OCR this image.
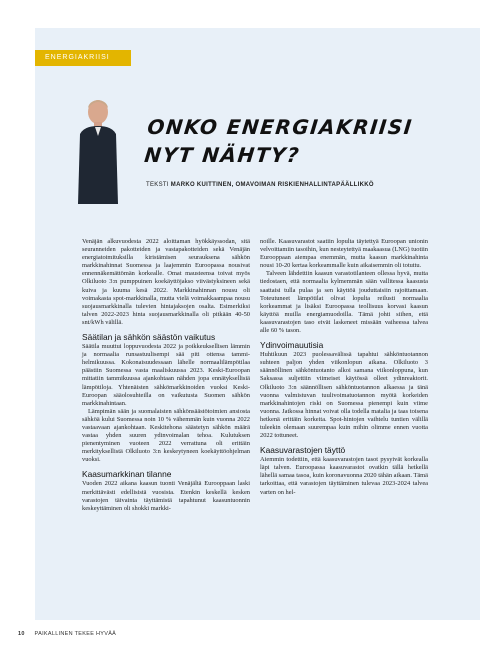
ENERGIAKRIISI
ONKO ENERGIAKRIISI
NYT NÄHTY?
TEKSTI MARKO KUITTINEN, OMAVOIMAN RISKIENHALLINTAPÄÄLLIKKÖ

Venäjän alkuvuodesta 2022 aloittaman hyökkäyssodan, sitä seuranneiden pakotteiden ja vastapakotteiden sekä Venäjän energiatoimituksilla kiristämisen seurauksena sähkön markkinahinnat Suomessa ja laajemmin Euroopassa nousivat ennennäkemättömän korkealle. Omat mausteensa toivat myös Olkiluoto 3:n pumppuinen koekäyttöjakso viivästyksineen sekä kuiva ja kuuma kesä 2022. Markkinahinnan nousu oli voimakasta spot-markkinalla, mutta vielä voimakkaampaa nousu suojausmarkkinalla tulevien hintajaksojen osalta. Esimerkiksi talven 2022-2023 hinta suojausmarkkinalla oli pitkään 40-50 snt/kWh välillä.

Säätilan ja sähkön säästön vaikutus

Säätila muuttui loppuvuodesta 2022 ja poikkeuksellisen lämmin ja normaalia runsastuulisempi sää piti ottensa tammi-helmikuussa. Kokonaisuudessaan lähelle normaalilämpötilaa päästiin Suomessa vasta maaliskuussa 2023. Keski-Euroopan mittatiin tammikuussa ajankohtaan nähden jopa ennätyksellisiä lämpötiloja. Yhtenäisten sähkömarkkinoiden vuoksi Keski-Euroopan sääolosuhteilla on vaikutusta Suomen sähkön markkinahintaan.

Lämpimän sään ja suomalaisten sähkönsäästötoimien ansiosta sähköä kului Suomessa noin 10 % vähemmän kuin vuonna 2022 vastaavaan ajankohtaan. Keskitehona säästetyn sähkön määrä vastaa yhden suuren ydinvoimalan tehoa. Kulutuksen pienentyminen vuoteen 2022 verrattuna oli erittäin merkityksellistä Olkiluoto 3:n keskeytyneen koekäyttöohjelman vuoksi.

Kaasumarkkinan tilanne

Vuoden 2022 aikana kaasun tuonti Venäjältä Eurooppaan laski merkittävästi edellisistä vuosista. Etenkin keskellä kesken varastojen täivainta täyttämistä tapahtunut kaasuntuonnin keskeyttäminen oli shokki markki-

noille. Kaasuvarastot saatiin lopulta täytettyä Euroopan unionin velvoittamiin tasoihin, kun nesteytettyä maakaasua (LNG) tuotiin Eurooppaan aiempaa enemmän, mutta kaasun markkinahinta nousi 10-20 kertaa korkeammalle kuin aikaisemmin oli totuttu.

Talveen lähdettiin kaasun varastotilanteen ollessa hyvä, mutta tiedostaen, että normaalia kylmemmän sään vallitessa kaasusta saattaisi tulla pulaa ja sen käyttöä jouduttaisiin rajoittamaan. Toteutuneet lämpötilat olivat lopulta reilusti normaalia korkeammat ja lisäksi Euroopassa teollisuus korvasi kaasun käyttöä muilla energiamuodoilla. Tämä johti siihen, että kaasuvarastojen taso eivät laskeneet missään vaiheessa talvea alle 60 % tason.

Ydinvoimauutisia

Huhtikuun 2023 puolessavälissä tapahtui sähköntuotannon suhteen paljon yhden viikonlopun aikana. Olkiluoto 3 säännöllinen sähköntuotanto alkoi samana viikonloppuna, kun Saksassa suljettiin viimeiset käytössä olleet ydinreaktorit. Olkiluoto 3:n säännöllisen sähköntuotannon alkaessa ja tänä vuonna valmistuvan tuulivoimatuotannon myötä korkeiden markkinahintojen riski on Suomessa pienempi kuin viime vuonna. Jatkossa hinnat voivat olla todella matalia ja taas toisena hetkenä erittäin korkeita. Spot-hintojen vaihtelu tuntien välillä tuleekin olemaan suurempaa kuin mihin olimme ennen vuotta 2022 tottuneet.

Kaasuvarastojen täyttö

Aiemmin todettiin, että kaasuvarastojen tasot pysyivät korkealla läpi talven. Euroopassa kaasuvarastot ovatkin tällä hetkellä lähellä samaa tasoa, kuin koronavuonna 2020 tähän aikaan. Tämä tarkoittaa, että varastojen täyttäminen tulevaa 2023-2024 talvea varten on hel-

10 PAIKALLINEN TEKEE HYVÄÄ
